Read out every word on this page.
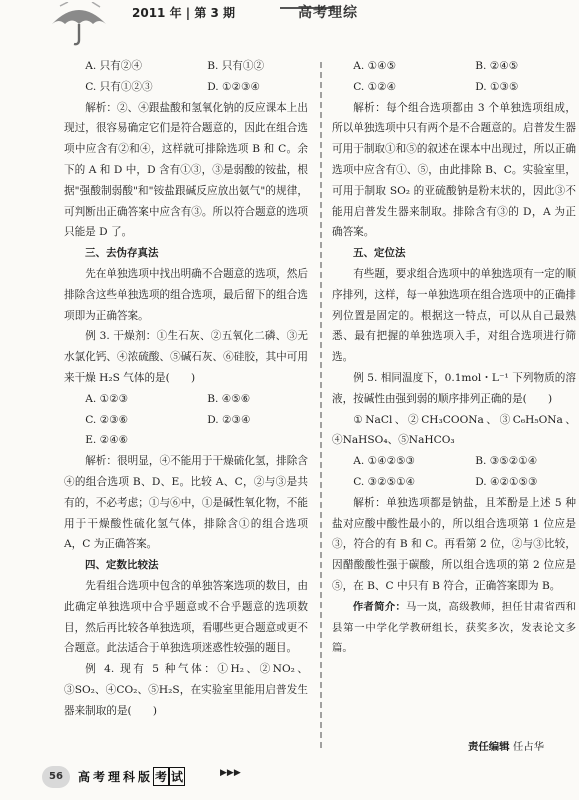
2011 年 | 第 3 期	高考理综
A. 只有②④	B. 只有①②
C. 只有①②③	D. ①②③④

解析：②、④跟盐酸和氢氧化钠的反应课本上出现过，很容易确定它们是符合题意的，因此在组合选项中应含有②和④，这样就可排除选项 B 和 C。余下的 A 和 D 中，D 含有①③，③是弱酸的铵盐，根据"强酸制弱酸"和"铵盐跟碱反应放出氨气"的规律，可判断出正确答案中应含有③。所以符合题意的选项只能是 D 了。

三、去伪存真法

先在单独选项中找出明确不合题意的选项，然后排除含这些单独选项的组合选项，最后留下的组合选项即为正确答案。

例 3. 干燥剂：①生石灰、②五氧化二磷、③无水氯化钙、④浓硫酸、⑤碱石灰、⑥硅胶，其中可用来干燥 H₂S 气体的是(　　)

A. ①②③	B. ④⑤⑥
C. ②③⑥	D. ②③④
E. ②④⑥

解析：很明显，④不能用于干燥硫化氢，排除含④的组合选项 B、D、E。比较 A、C，②与③是共有的，不必考虑；①与⑥中，①是碱性氧化物，不能用于干燥酸性硫化氢气体，排除含①的组合选项 A，C 为正确答案。

四、定数比较法

先看组合选项中包含的单独答案选项的数目，由此确定单独选项中合乎题意或不合乎题意的选项数目，然后再比较各单独选项，看哪些更合题意或更不合题意。此法适合于单独选项迷惑性较强的题目。

例 4. 现有 5 种气体：①H₂、②NO₂、③SO₂、④CO₂、⑤H₂S，在实验室里能用启普发生器来制取的是(　　)

A. ①④⑤	B. ②④⑤
C. ①②④	D. ①③⑤

解析：每个组合选项都由 3 个单独选项组成，所以单独选项中只有两个是不合题意的。启普发生器可用于制取①和⑤的叙述在课本中出现过，所以正确选项中应含有①、⑤，由此排除 B、C。实验室里，可用于制取 SO₂ 的亚硫酸钠是粉末状的，因此③不能用启普发生器来制取。排除含有③的 D，A 为正确答案。

五、定位法

有些题，要求组合选项中的单独选项有一定的顺序排列，这样，每一单独选项在组合选项中的正确排列位置是固定的。根据这一特点，可以从自己最熟悉、最有把握的单独选项入手，对组合选项进行筛选。

例 5. 相同温度下，0.1mol・L⁻¹ 下列物质的溶液，按碱性由强到弱的顺序排列正确的是(　　)

①NaCl、②CH₃COONa、③C₆H₅ONa、④NaHSO₄、⑤NaHCO₃

A. ①④②⑤③	B. ③⑤②①④
C. ③②⑤①④	D. ④②①⑤③

解析：单独选项都是钠盐，且苯酚是上述 5 种盐对应酸中酸性最小的，所以组合选项第 1 位应是③，符合的有 B 和 C。再看第 2 位，②与③比较，因醋酸酸性强于碳酸，所以组合选项的第 2 位应是⑤，在 B、C 中只有 B 符合，正确答案即为 B。

作者简介：马一岚，高级教师，担任甘肃省西和县第一中学化学教研组长，获奖多次，发表论文多篇。

责任编辑 任占华
56	高考理科版 考 试	▶▶▶
